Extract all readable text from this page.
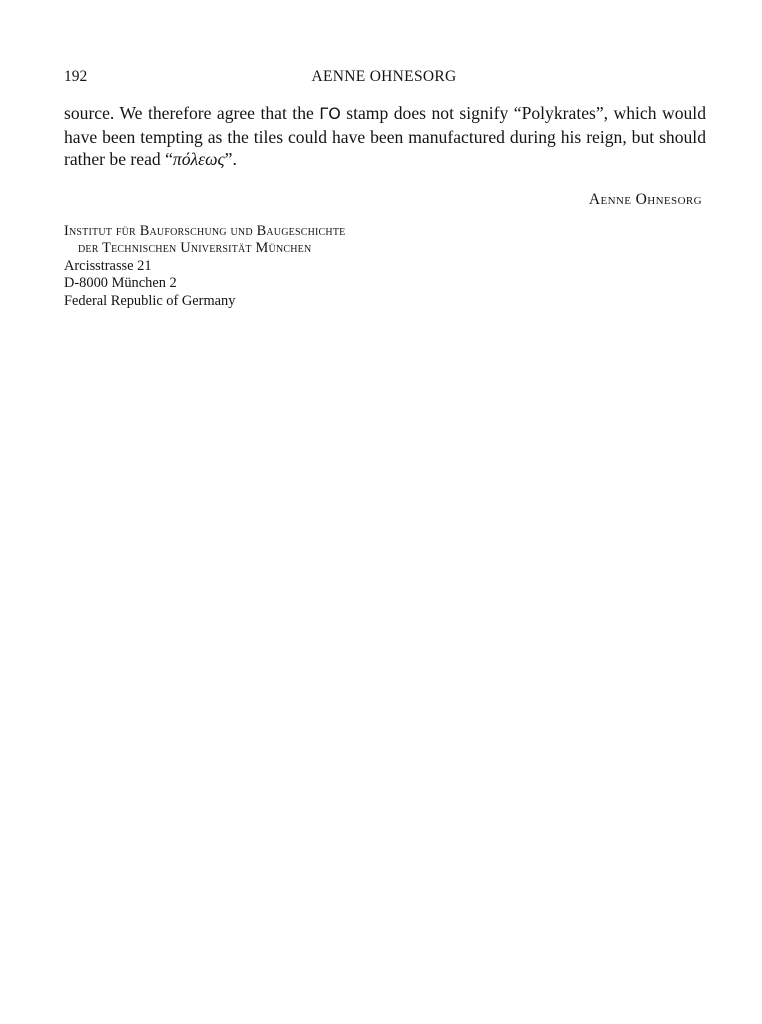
192	AENNE OHNESORG
source. We therefore agree that the ΓO stamp does not signify “Polykrates”, which would
have been tempting as the tiles could have been manufactured during his reign, but should
rather be read “πόλεως”.
Aenne Ohnesorg
Institut für Bauforschung und Baugeschichte
der Technischen Universität München
Arcisstrasse 21
D-8000 München 2
Federal Republic of Germany
